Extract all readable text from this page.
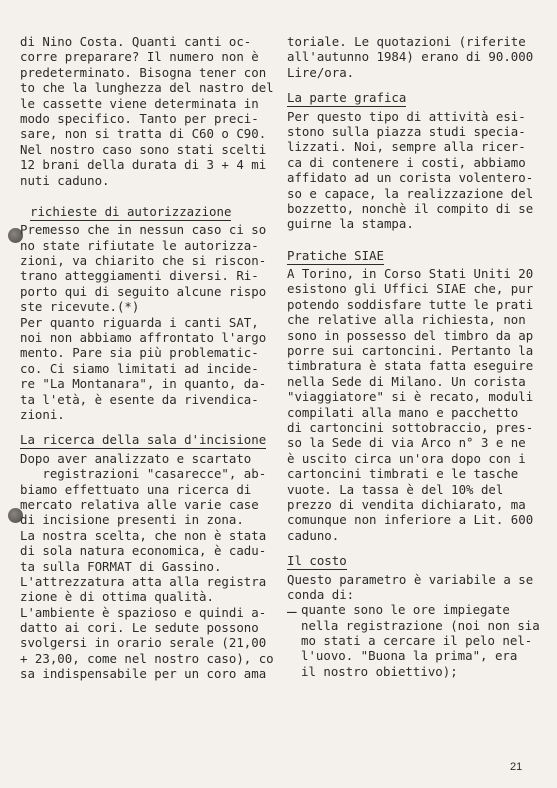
di Nino Costa. Quanti canti oc-
corre preparare? Il numero non è
predeterminato. Bisogna tener con
to che la lunghezza del nastro del
le cassette viene determinata in
modo specifico. Tanto per preci-
sare, non si tratta di C60 o C90.
Nel nostro caso sono stati scelti
12 brani della durata di 3 + 4 mi
nuti caduno.
richieste di autorizzazione
Premesso che in nessun caso ci so
no state rifiutate le autorizza-
zioni, va chiarito che si riscon-
trano atteggiamenti diversi. Ri-
porto qui di seguito alcune rispo
ste ricevute.(*)
Per quanto riguarda i canti SAT,
noi non abbiamo affrontato l'argo
mento. Pare sia più problematic-
co. Ci siamo limitati ad incide-
re "La Montanara", in quanto, da-
ta l'età, è esente da rivendica-
zioni.
La ricerca della sala d'incisione
Dopo aver analizzato e scartato
registrazioni "casarecce", ab-
biamo effettuato una ricerca di
mercato relativa alle varie case
di incisione presenti in zona.
La nostra scelta, che non è stata
di sola natura economica, è cadu-
ta sulla FORMAT di Gassino.
L'attrezzatura atta alla registra
zione è di ottima qualità.
L'ambiente è spazioso e quindi a-
datto ai cori. Le sedute possono
svolgersi in orario serale (21,00
+ 23,00, come nel nostro caso), co
sa indispensabile per un coro ama
toriale. Le quotazioni (riferite
all'autunno 1984) erano di 90.000
Lire/ora.
La parte grafica
Per questo tipo di attività esi-
stono sulla piazza studi specia-
lizzati. Noi, sempre alla ricer-
ca di contenere i costi, abbiamo
affidato ad un corista volentero-
so e capace, la realizzazione del
bozzetto, nonchè il compito di se
guirne la stampa.
Pratiche SIAE
A Torino, in Corso Stati Uniti 20
esistono gli Uffici SIAE che, pur
potendo soddisfare tutte le prati
che relative alla richiesta, non
sono in possesso del timbro da ap
porre sui cartoncini. Pertanto la
timbratura è stata fatta eseguire
nella Sede di Milano. Un corista
"viaggiatore" si è recato, moduli
compilati alla mano e pacchetto
di cartoncini sottobraccio, pres-
so la Sede di via Arco n° 3 e ne
è uscito circa un'ora dopo con i
cartoncini timbrati e le tasche
vuote. La tassa è del 10% del
prezzo di vendita dichiarato, ma
comunque non inferiore a Lit. 600
caduno.
Il costo
Questo parametro è variabile a se
conda di:
– quante sono le ore impiegate
nella registrazione (noi non sia
mo stati a cercare il pelo nel-
l'uovo. "Buona la prima", era
il nostro obiettivo);
21
